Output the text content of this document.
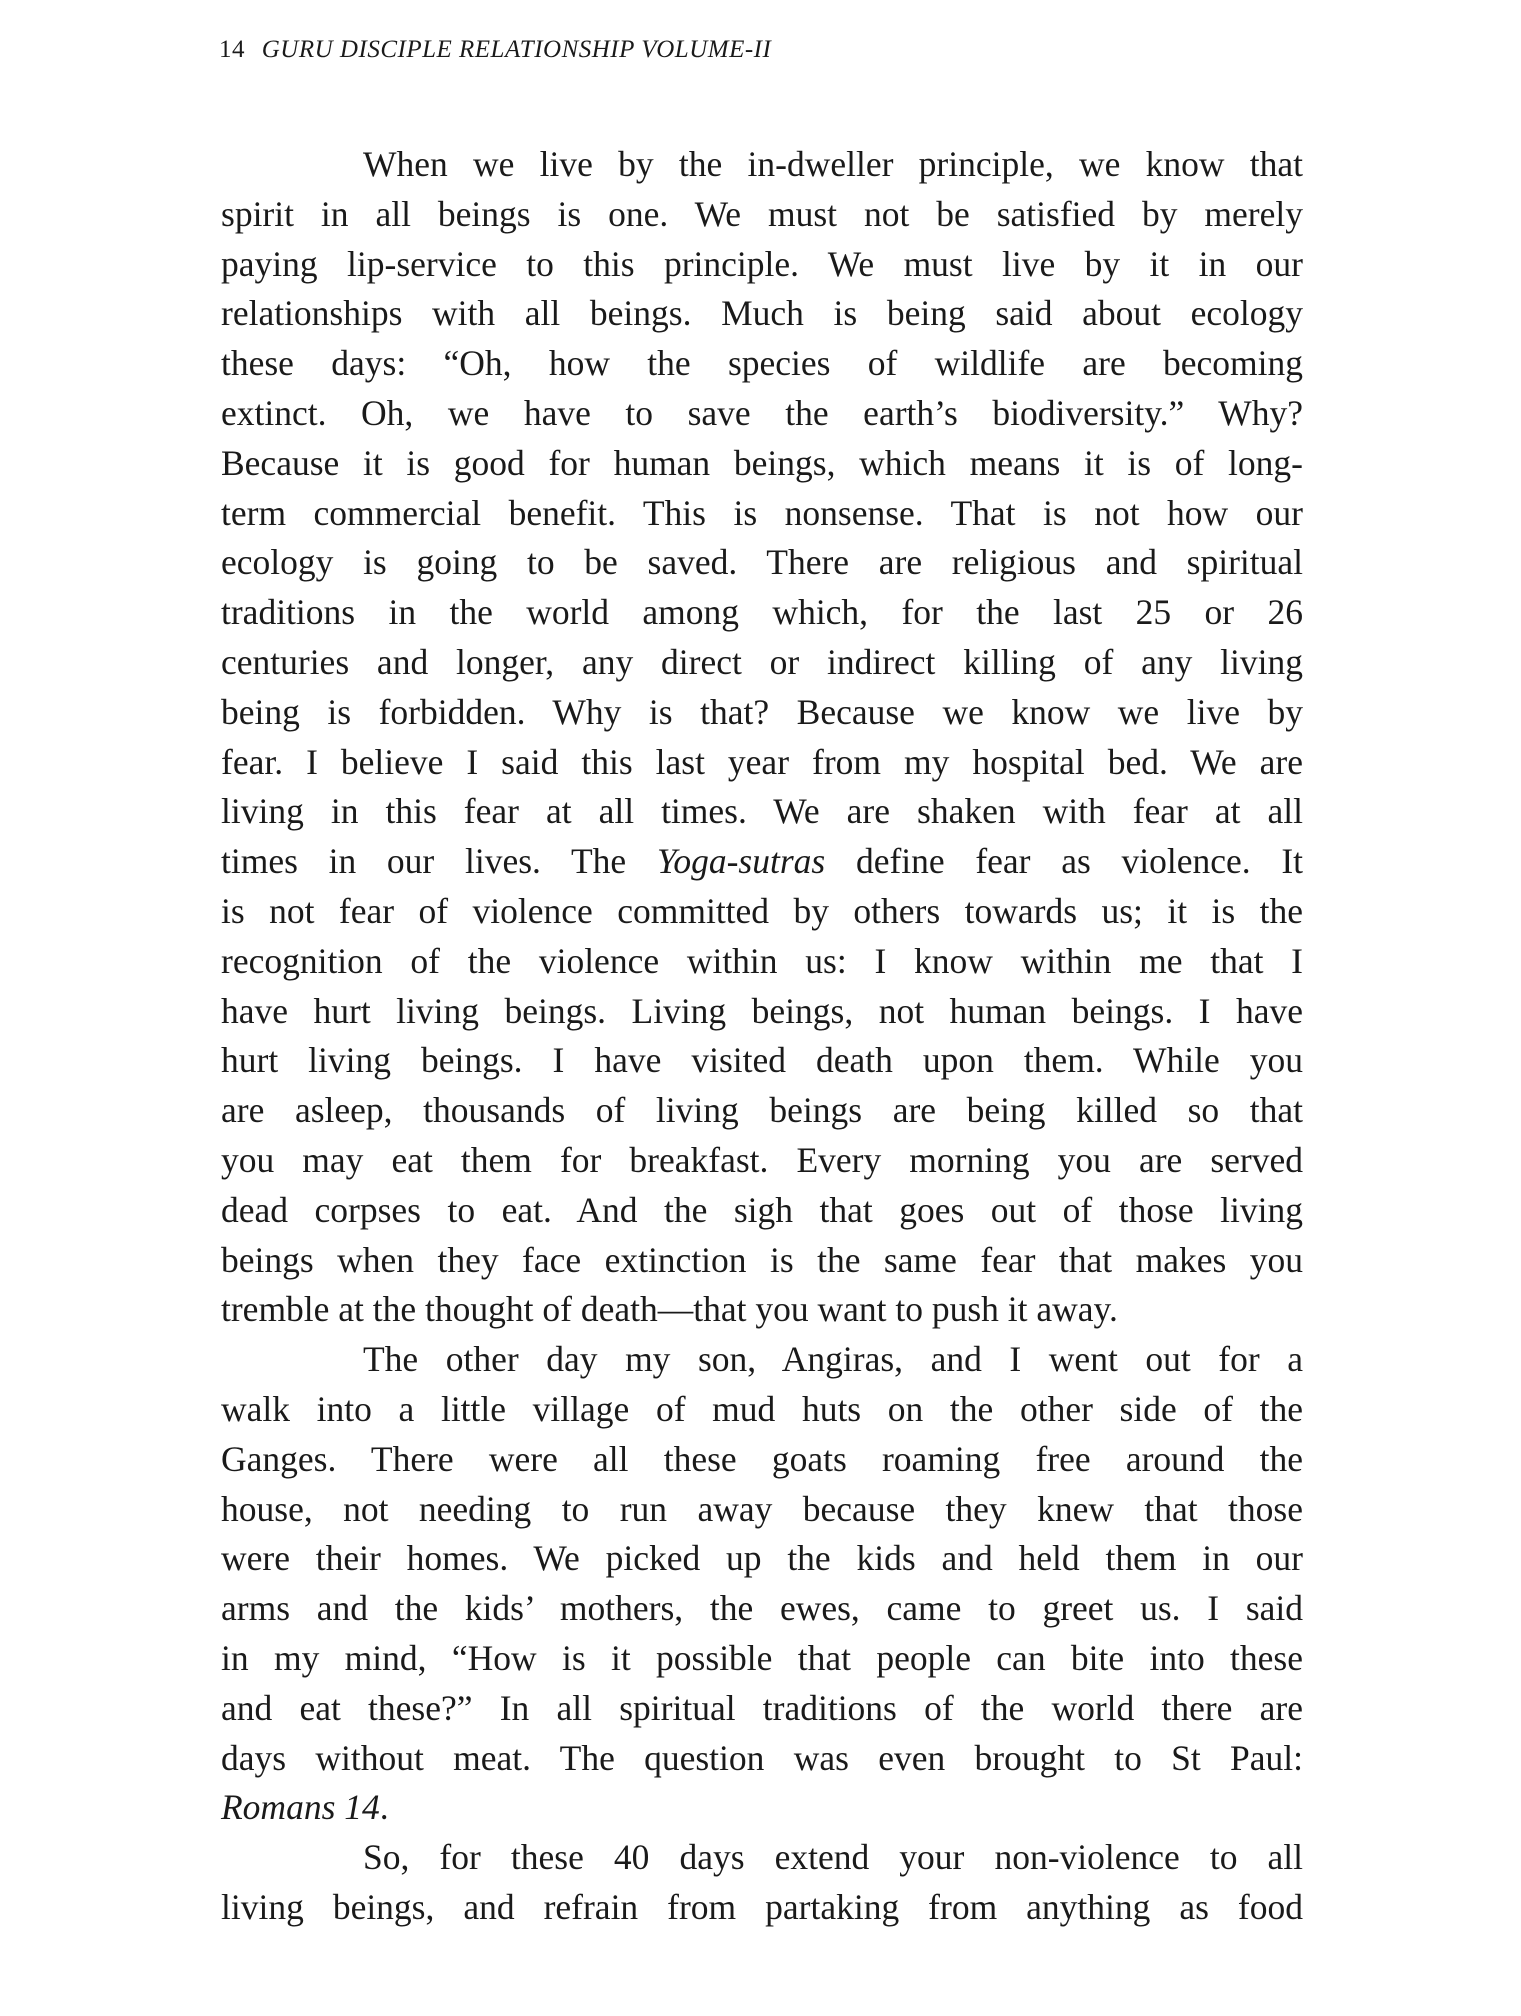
14 GURU DISCIPLE RELATIONSHIP VOLUME-II

When we live by the in-dweller principle, we know that
spirit in all beings is one. We must not be satisfied by merely
paying lip-service to this principle. We must live by it in our
relationships with all beings. Much is being said about ecology
these days: “Oh, how the species of wildlife are becoming
extinct. Oh, we have to save the earth’s biodiversity.” Why?
Because it is good for human beings, which means it is of long-
term commercial benefit. This is nonsense. That is not how our
ecology is going to be saved. There are religious and spiritual
traditions in the world among which, for the last 25 or 26
centuries and longer, any direct or indirect killing of any living
being is forbidden. Why is that? Because we know we live by
fear. I believe I said this last year from my hospital bed. We are
living in this fear at all times. We are shaken with fear at all
times in our lives. The Yoga-sutras define fear as violence. It
is not fear of violence committed by others towards us; it is the
recognition of the violence within us: I know within me that I
have hurt living beings. Living beings, not human beings. I have
hurt living beings. I have visited death upon them. While you
are asleep, thousands of living beings are being killed so that
you may eat them for breakfast. Every morning you are served
dead corpses to eat. And the sigh that goes out of those living
beings when they face extinction is the same fear that makes you
tremble at the thought of death—that you want to push it away.

The other day my son, Angiras, and I went out for a
walk into a little village of mud huts on the other side of the
Ganges. There were all these goats roaming free around the
house, not needing to run away because they knew that those
were their homes. We picked up the kids and held them in our
arms and the kids’ mothers, the ewes, came to greet us. I said
in my mind, “How is it possible that people can bite into these
and eat these?” In all spiritual traditions of the world there are
days without meat. The question was even brought to St Paul:
Romans 14.

So, for these 40 days extend your non-violence to all
living beings, and refrain from partaking from anything as food
